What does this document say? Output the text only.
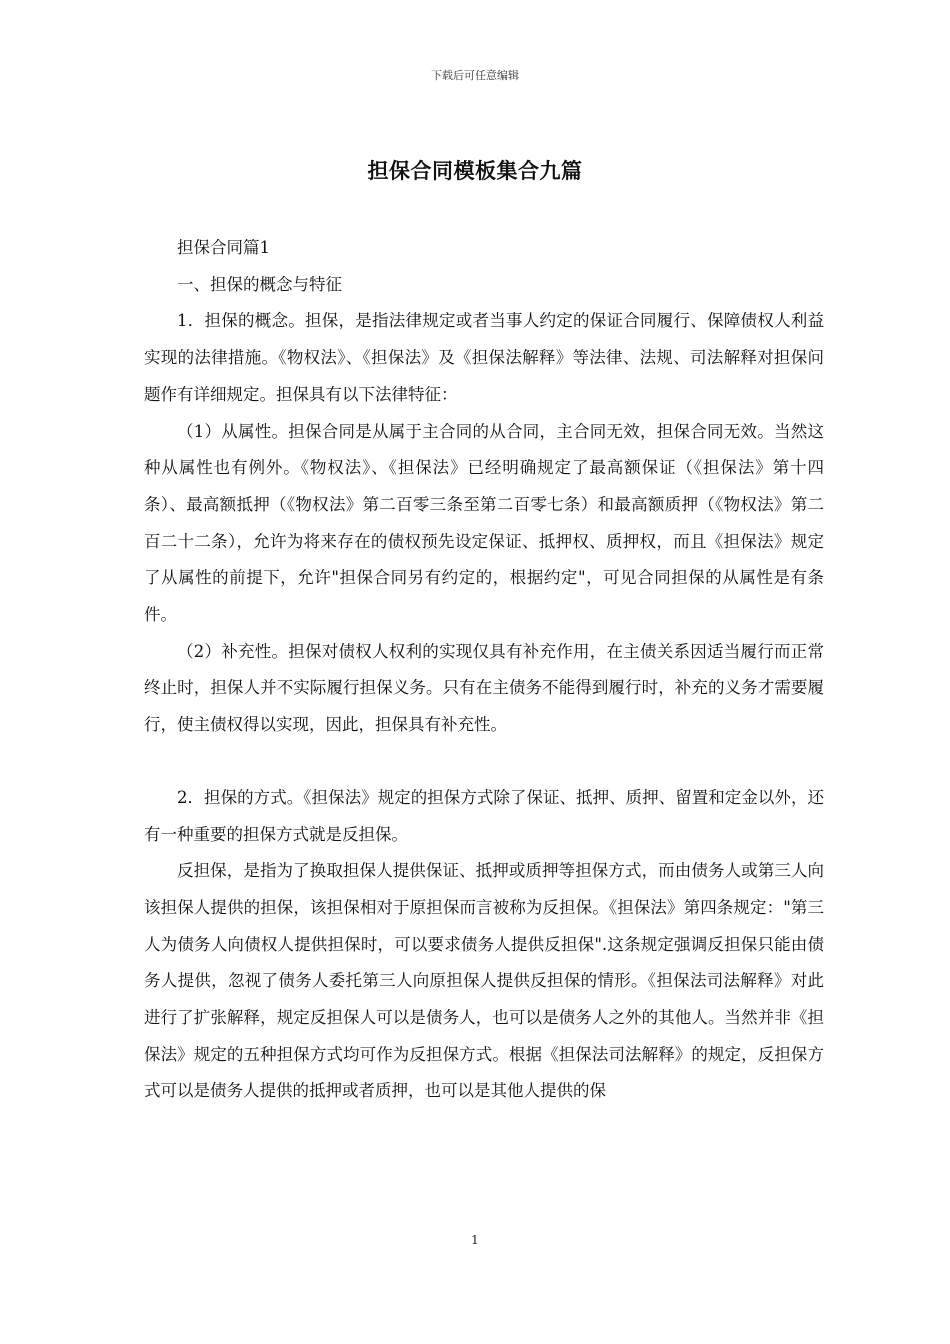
下载后可任意编辑
担保合同模板集合九篇

担保合同篇1

一、担保的概念与特征

1．担保的概念。担保，是指法律规定或者当事人约定的保证合同履行、保障债权人利益实现的法律措施。《物权法》、《担保法》及《担保法解释》等法律、法规、司法解释对担保问题作有详细规定。担保具有以下法律特征：

（1）从属性。担保合同是从属于主合同的从合同，主合同无效，担保合同无效。当然这种从属性也有例外。《物权法》、《担保法》已经明确规定了最高额保证（《担保法》第十四条）、最高额抵押（《物权法》第二百零三条至第二百零七条）和最高额质押（《物权法》第二百二十二条），允许为将来存在的债权预先设定保证、抵押权、质押权，而且《担保法》规定了从属性的前提下，允许"担保合同另有约定的，根据约定"，可见合同担保的从属性是有条件。

（2）补充性。担保对债权人权利的实现仅具有补充作用，在主债关系因适当履行而正常终止时，担保人并不实际履行担保义务。只有在主债务不能得到履行时，补充的义务才需要履行，使主债权得以实现，因此，担保具有补充性。

2．担保的方式。《担保法》规定的担保方式除了保证、抵押、质押、留置和定金以外，还有一种重要的担保方式就是反担保。

反担保，是指为了换取担保人提供保证、抵押或质押等担保方式，而由债务人或第三人向该担保人提供的担保，该担保相对于原担保而言被称为反担保。《担保法》第四条规定："第三人为债务人向债权人提供担保时，可以要求债务人提供反担保".这条规定强调反担保只能由债务人提供，忽视了债务人委托第三人向原担保人提供反担保的情形。《担保法司法解释》对此进行了扩张解释，规定反担保人可以是债务人，也可以是债务人之外的其他人。当然并非《担保法》规定的五种担保方式均可作为反担保方式。根据《担保法司法解释》的规定，反担保方式可以是债务人提供的抵押或者质押，也可以是其他人提供的保

1
